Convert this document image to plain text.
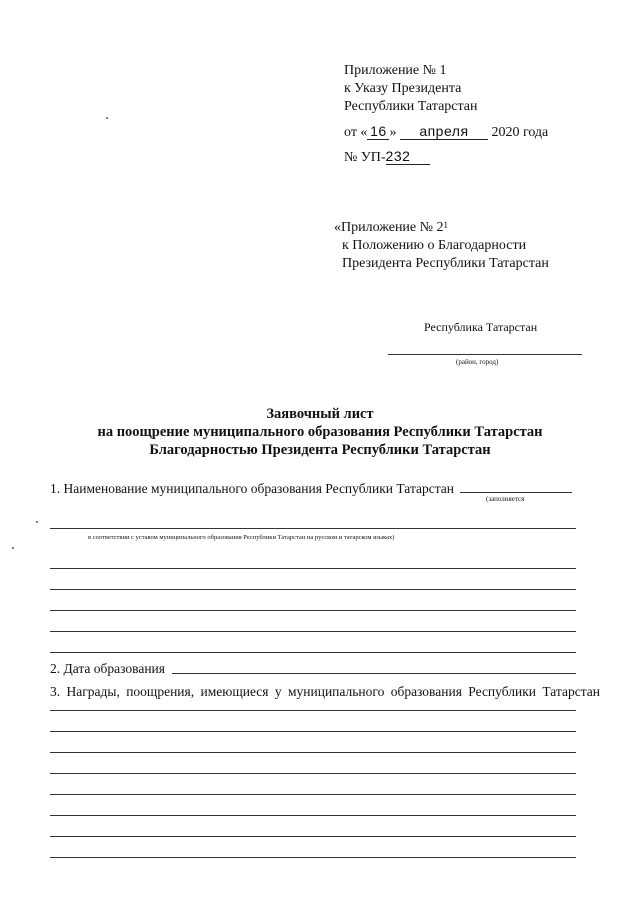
Приложение № 1
к Указу Президента
Республики Татарстан
от « 16 » апреля 2020 года
№ УП-232
«Приложение № $2^1$
к Положению о Благодарности
Президента Республики Татарстан
Республика Татарстан
(район, город)
Заявочный лист
на поощрение муниципального образования Республики Татарстан
Благодарностью Президента Республики Татарстан
1. Наименование муниципального образования Республики Татарстан
(заполняется
в соответствии с уставом муниципального образования Республики Татарстан на русском и татарском языках)
2. Дата образования
3. Награды, поощрения, имеющиеся у муниципального образования Республики Татарстан
